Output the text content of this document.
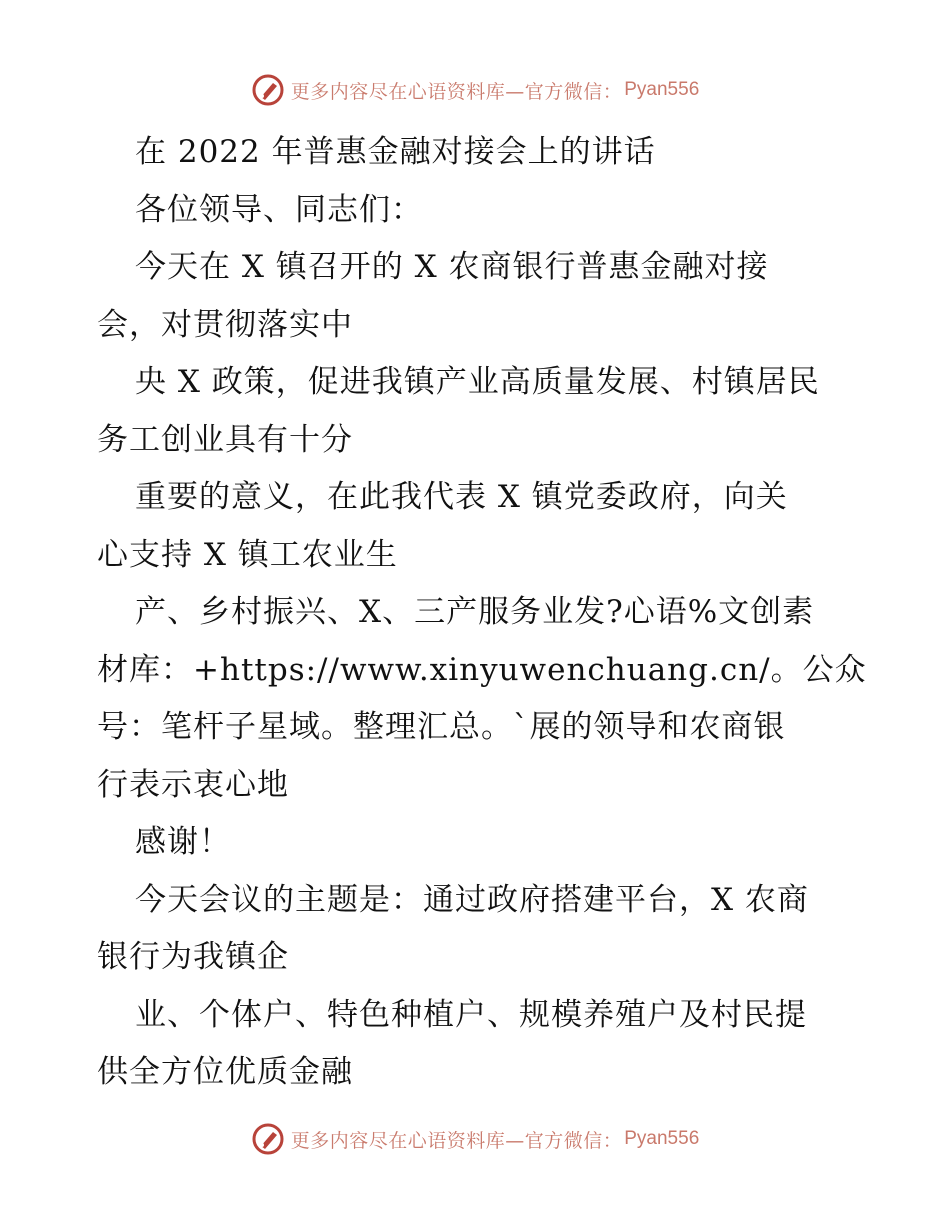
更多内容尽在心语资料库—官方微信： Pyan556
在 2022 年普惠金融对接会上的讲话
各位领导、同志们：
今天在 X 镇召开的 X 农商银行普惠金融对接
会，对贯彻落实中
央 X 政策，促进我镇产业高质量发展、村镇居民
务工创业具有十分
重要的意义，在此我代表 X 镇党委政府，向关
心支持 X 镇工农业生
产、乡村振兴、X、三产服务业发?心语%文创素
材库：+https://www.xinyuwenchuang.cn/。公众
号：笔杆子星域。整理汇总。`展的领导和农商银
行表示衷心地
感谢！
今天会议的主题是：通过政府搭建平台，X 农商
银行为我镇企
业、个体户、特色种植户、规模养殖户及村民提
供全方位优质金融
更多内容尽在心语资料库—官方微信： Pyan556
